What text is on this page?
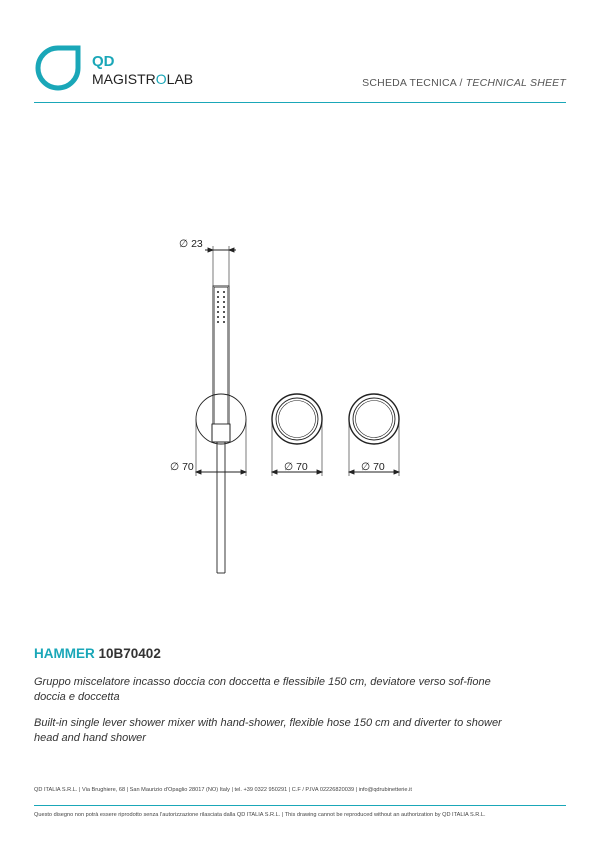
QD
MAGISTROLAB	SCHEDA TECNICA / TECHNICAL SHEET
∅ 23
∅ 70	∅ 70	∅ 70
HAMMER 10B70402
Gruppo miscelatore incasso doccia con doccetta e flessibile 150 cm, deviatore verso sof-fione doccia e doccetta
Built-in single lever shower mixer with hand-shower, flexible hose 150 cm and diverter to shower head and hand shower
QD ITALIA S.R.L. | Via Brughiere, 68 | San Maurizio d'Opaglio 28017 (NO) Italy | tel. +39 0322 950291 | C.F / P.IVA 02226820039 | info@qdrubinetterie.it
Questo disegno non potrà essere riprodotto senza l'autorizzazione rilasciata dalla QD ITALIA S.R.L. | This drawing cannot be reproduced without an authorization by QD ITALIA S.R.L.
